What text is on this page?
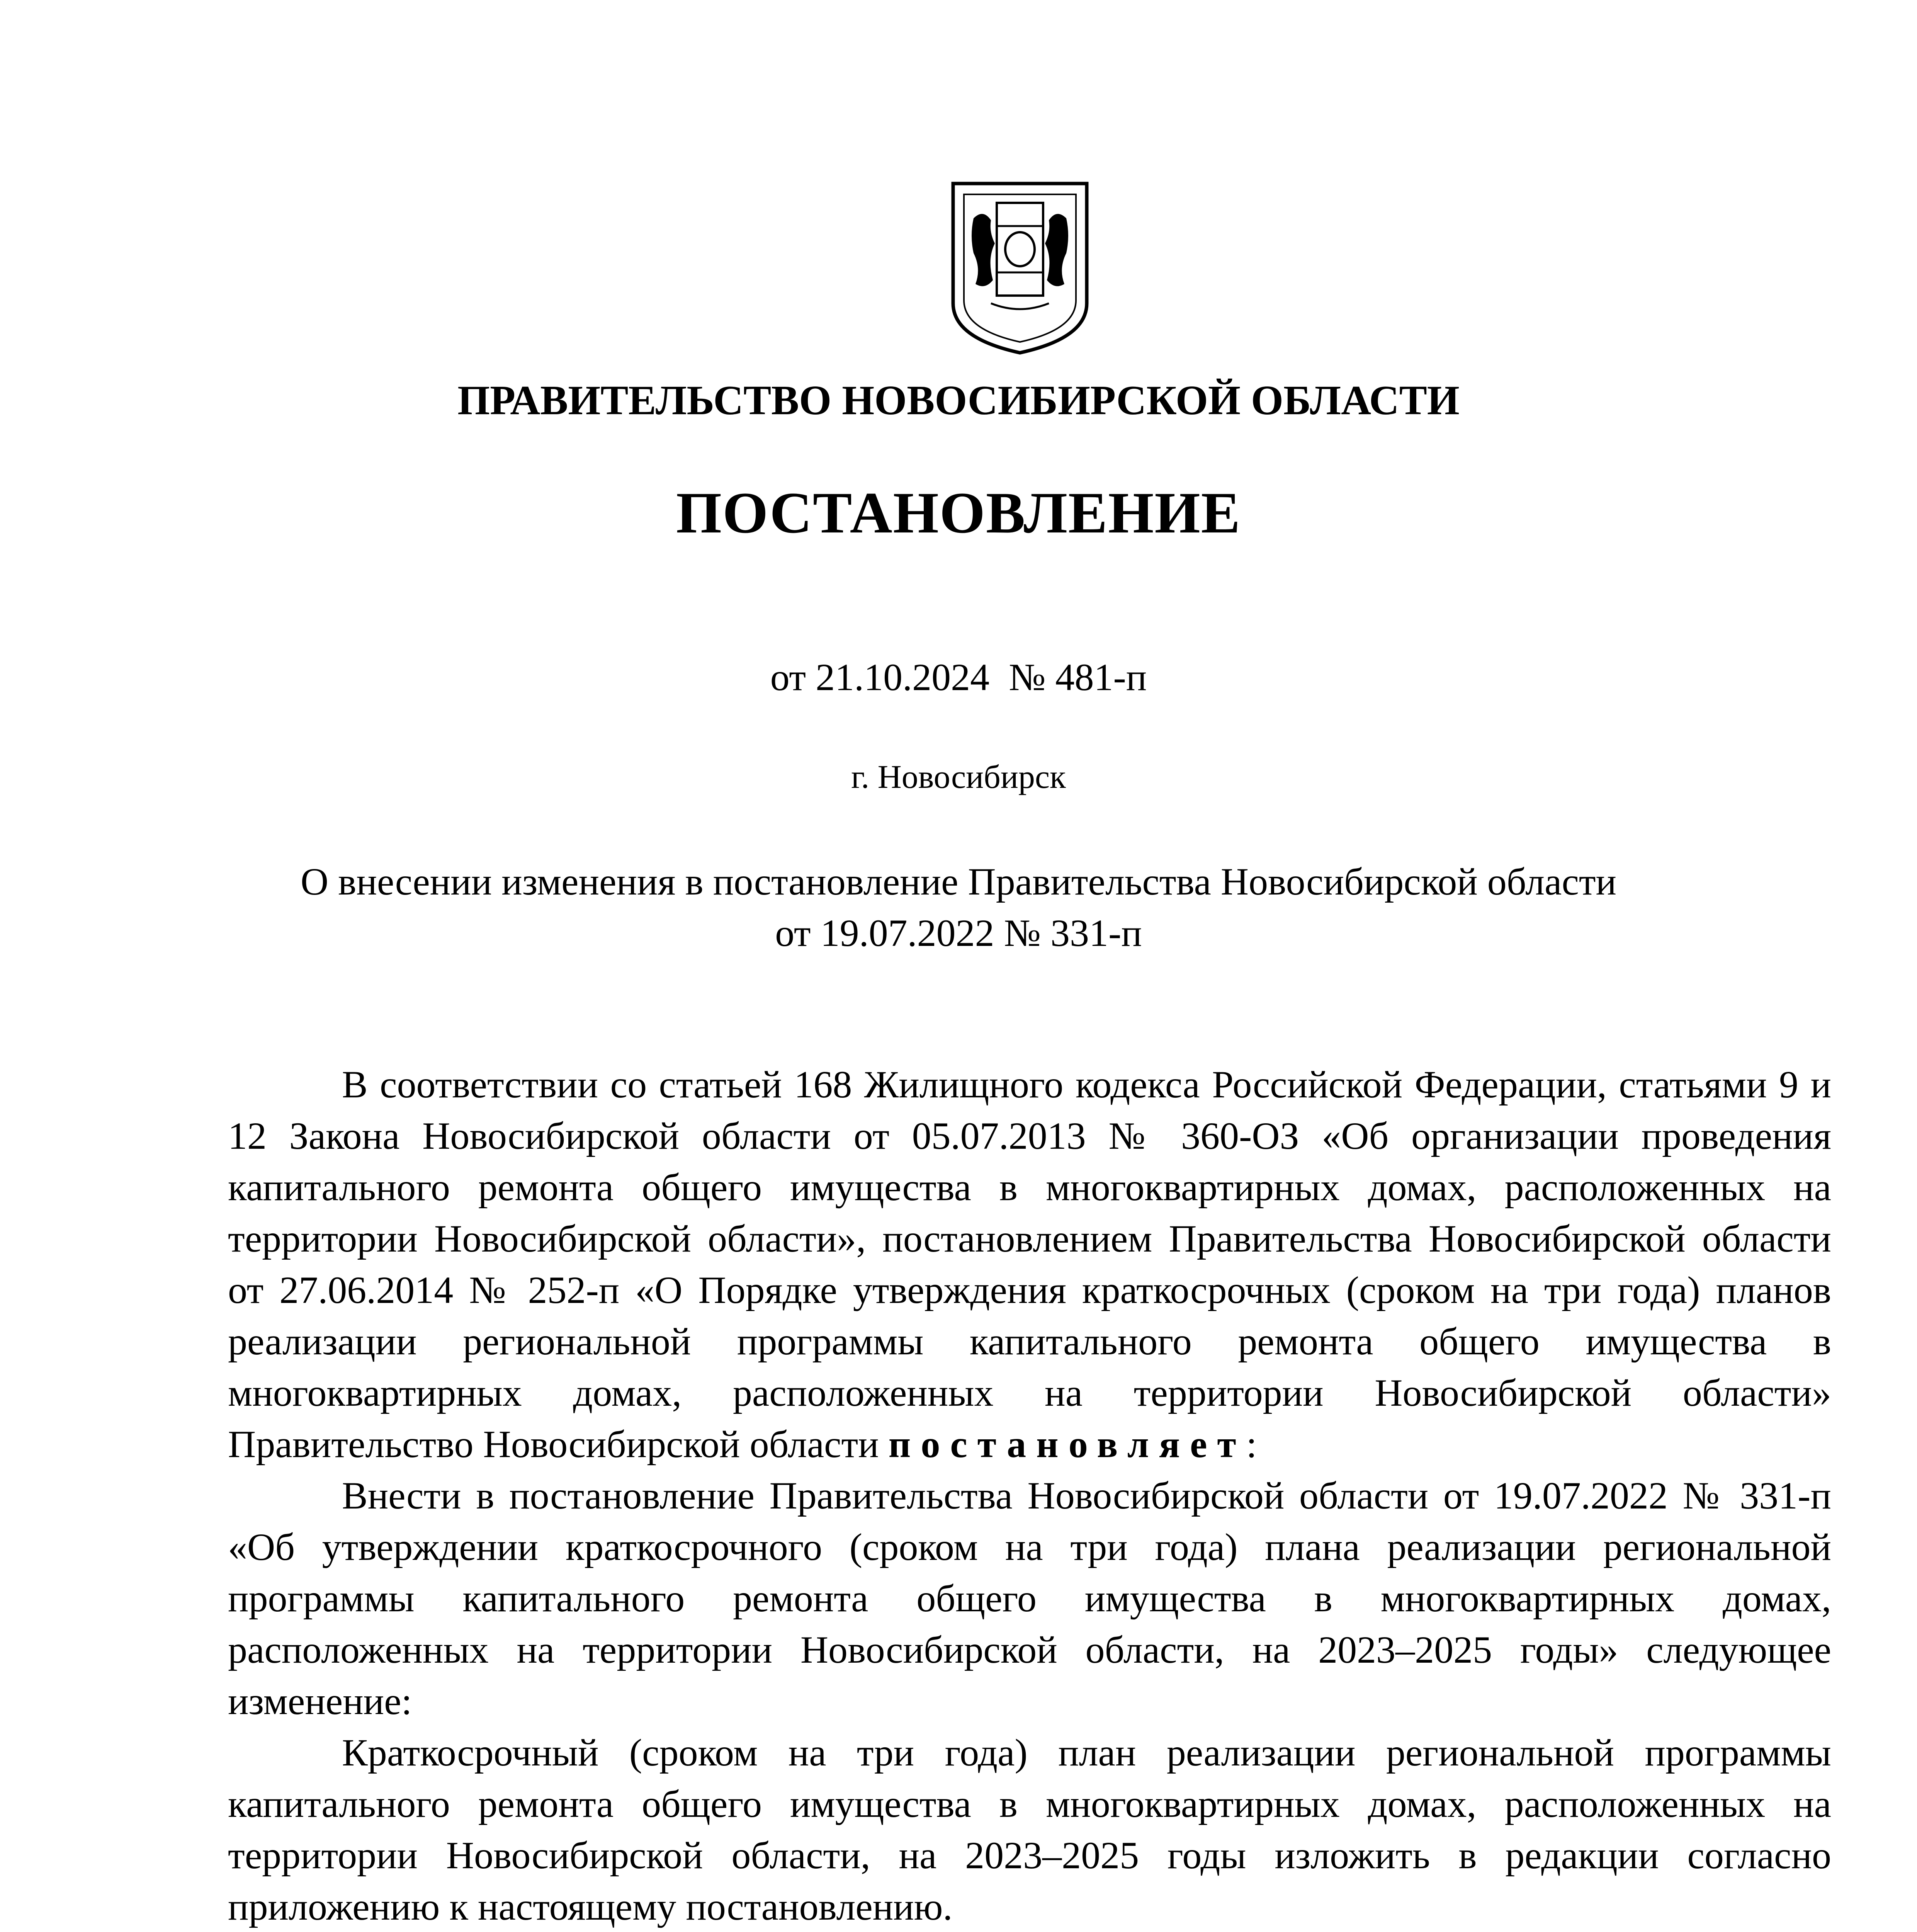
ПРАВИТЕЛЬСТВО НОВОСИБИРСКОЙ ОБЛАСТИ
ПОСТАНОВЛЕНИЕ
от 21.10.2024 № 481-п
г. Новосибирск
О внесении изменения в постановление Правительства Новосибирской области
от 19.07.2022 № 331-п

В соответствии со статьей 168 Жилищного кодекса Российской Федерации, статьями 9 и 12 Закона Новосибирской области от 05.07.2013 № 360-ОЗ «Об организации проведения капитального ремонта общего имущества в многоквартирных домах, расположенных на территории Новосибирской области», постановлением Правительства Новосибирской области от 27.06.2014 № 252-п «О Порядке утверждения краткосрочных (сроком на три года) планов реализации региональной программы капитального ремонта общего имущества в многоквартирных домах, расположенных на территории Новосибирской области» Правительство Новосибирской области постановляет:

Внести в постановление Правительства Новосибирской области от 19.07.2022 № 331-п «Об утверждении краткосрочного (сроком на три года) плана реализации региональной программы капитального ремонта общего имущества в многоквартирных домах, расположенных на территории Новосибирской области, на 2023–2025 годы» следующее изменение:

Краткосрочный (сроком на три года) план реализации региональной программы капитального ремонта общего имущества в многоквартирных домах, расположенных на территории Новосибирской области, на 2023–2025 годы изложить в редакции согласно приложению к настоящему постановлению.
